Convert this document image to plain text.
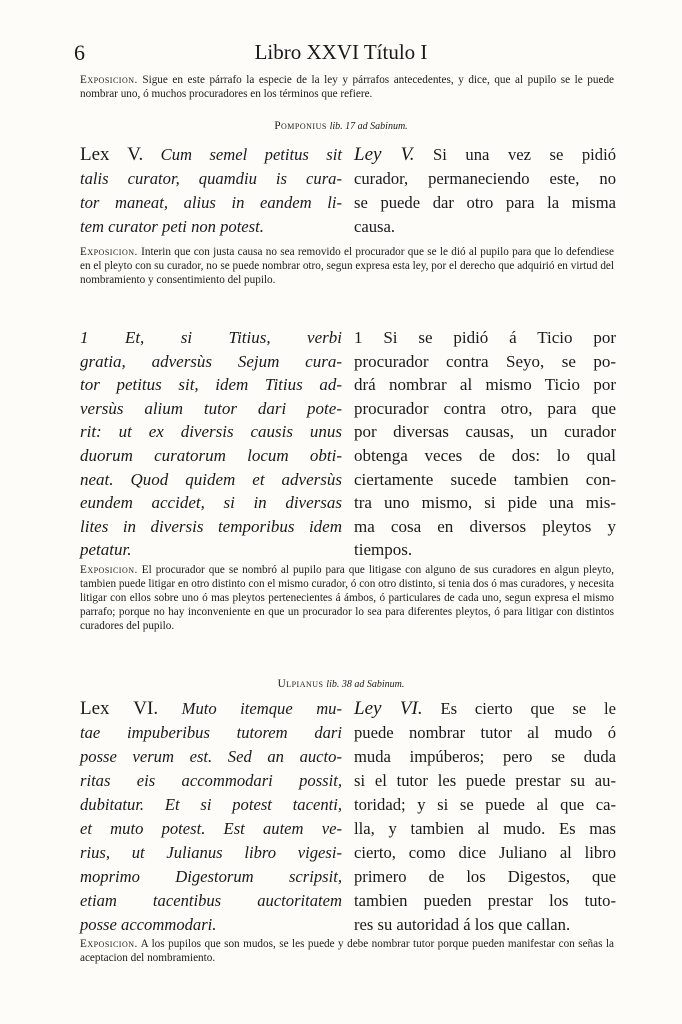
6	Libro XXVI Título I
Exposicion. Sigue en este párrafo la especie de la ley y párrafos antecedentes, y dice, que al pupilo se le puede nombrar uno, ó muchos procuradores en los términos que refiere.
Pomponius lib. 17 ad Sabinum.
Lex V. Cum semel petitus sit
talis curator, quamdiu is cura-
tor maneat, alius in eandem li-
tem curator peti non potest.
Ley V. Si una vez se pidió
curador, permaneciendo este, no
se puede dar otro para la misma
causa.
Exposicion. Interin que con justa causa no sea removido el procurador que se le dió al pupilo para que lo defendiese en el pleyto con su curador, no se puede nombrar otro, segun expresa esta ley, por el derecho que adquirió en virtud del nombramiento y consentimiento del pupilo.
1 Et, si Titius, verbi
gratia, adversùs Sejum cura-
tor petitus sit, idem Titius ad-
versùs alium tutor dari pote-
rit: ut ex diversis causis unus
duorum curatorum locum obti-
neat. Quod quidem et adversùs
eundem accidet, si in diversas
lites in diversis temporibus idem
petatur.
1 Si se pidió á Ticio por
procurador contra Seyo, se po-
drá nombrar al mismo Ticio por
procurador contra otro, para que
por diversas causas, un curador
obtenga veces de dos: lo qual
ciertamente sucede tambien con-
tra uno mismo, si pide una mis-
ma cosa en diversos pleytos y
tiempos.
Exposicion. El procurador que se nombró al pupilo para que litigase con alguno de sus curadores en algun pleyto, tambien puede litigar en otro distinto con el mismo curador, ó con otro distinto, si tenia dos ó mas curadores, y necesita litigar con ellos sobre uno ó mas pleytos pertenecientes á ámbos, ó particulares de cada uno, segun expresa el mismo parrafo; porque no hay inconveniente en que un procurador lo sea para diferentes pleytos, ó para litigar con distintos curadores del pupilo.
Ulpianus lib. 38 ad Sabinum.
Lex VI. Muto itemque mu-
tae impuberibus tutorem dari
posse verum est. Sed an aucto-
ritas eis accommodari possit,
dubitatur. Et si potest tacenti,
et muto potest. Est autem ve-
rius, ut Julianus libro vigesi-
moprimo Digestorum scripsit,
etiam tacentibus auctoritatem
posse accommodari.
Ley VI. Es cierto que se le
puede nombrar tutor al mudo ó
muda impúberos; pero se duda
si el tutor les puede prestar su au-
toridad; y si se puede al que ca-
lla, y tambien al mudo. Es mas
cierto, como dice Juliano al libro
primero de los Digestos, que
tambien pueden prestar los tuto-
res su autoridad á los que callan.
Exposicion. A los pupilos que son mudos, se les puede y debe nombrar tutor porque pueden manifestar con señas la aceptacion del nombramiento.
